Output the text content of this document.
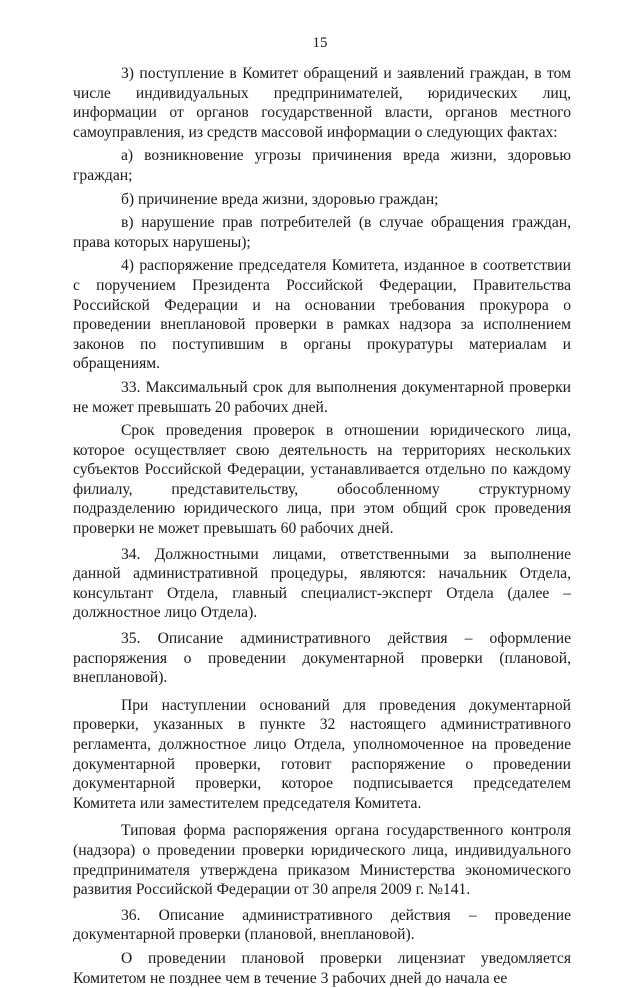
15

3) поступление в Комитет обращений и заявлений граждан, в том числе индивидуальных предпринимателей, юридических лиц, информации от органов государственной власти, органов местного самоуправления, из средств массовой информации о следующих фактах:

а) возникновение угрозы причинения вреда жизни, здоровью граждан;

б) причинение вреда жизни, здоровью граждан;

в) нарушение прав потребителей (в случае обращения граждан, права которых нарушены);

4) распоряжение председателя Комитета, изданное в соответствии с поручением Президента Российской Федерации, Правительства Российской Федерации и на основании требования прокурора о проведении внеплановой проверки в рамках надзора за исполнением законов по поступившим в органы прокуратуры материалам и обращениям.

33. Максимальный срок для выполнения документарной проверки не может превышать 20 рабочих дней.

Срок проведения проверок в отношении юридического лица, которое осуществляет свою деятельность на территориях нескольких субъектов Российской Федерации, устанавливается отдельно по каждому филиалу, представительству, обособленному структурному подразделению юридического лица, при этом общий срок проведения проверки не может превышать 60 рабочих дней.

34. Должностными лицами, ответственными за выполнение данной административной процедуры, являются: начальник Отдела, консультант Отдела, главный специалист-эксперт Отдела (далее – должностное лицо Отдела).

35. Описание административного действия – оформление распоряжения о проведении документарной проверки (плановой, внеплановой).

При наступлении оснований для проведения документарной проверки, указанных в пункте 32 настоящего административного регламента, должностное лицо Отдела, уполномоченное на проведение документарной проверки, готовит распоряжение о проведении документарной проверки, которое подписывается председателем Комитета или заместителем председателя Комитета.

Типовая форма распоряжения органа государственного контроля (надзора) о проведении проверки юридического лица, индивидуального предпринимателя утверждена приказом Министерства экономического развития Российской Федерации от 30 апреля 2009 г. №141.

36. Описание административного действия – проведение документарной проверки (плановой, внеплановой).

О проведении плановой проверки лицензиат уведомляется Комитетом не позднее чем в течение 3 рабочих дней до начала ее
